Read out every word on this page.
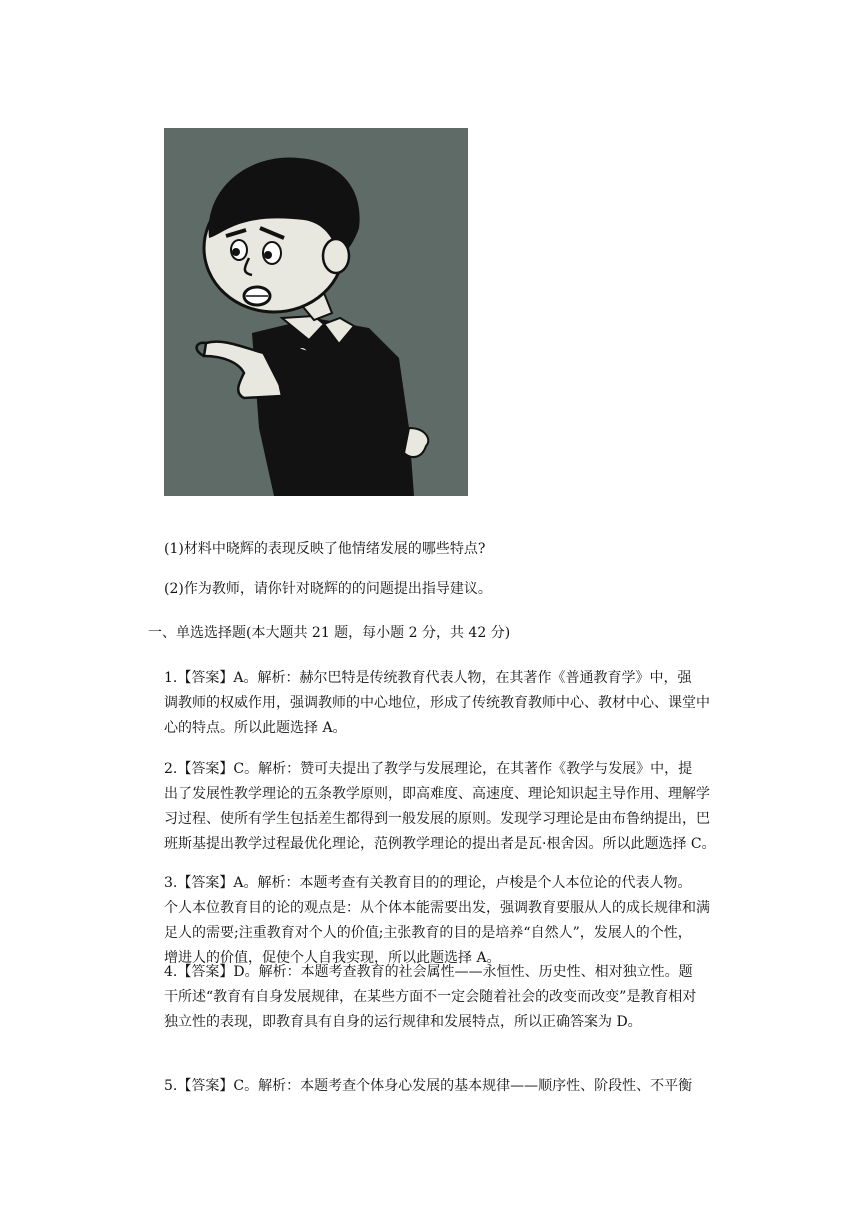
(1)材料中晓辉的表现反映了他情绪发展的哪些特点?

(2)作为教师，请你针对晓辉的的问题提出指导建议。

一、单选选择题(本大题共 21 题，每小题 2 分，共 42 分)

1.【答案】A。解析：赫尔巴特是传统教育代表人物，在其著作《普通教育学》中，强
调教师的权威作用，强调教师的中心地位，形成了传统教育教师中心、教材中心、课堂中
心的特点。所以此题选择 A。
2.【答案】C。解析：赞可夫提出了教学与发展理论，在其著作《教学与发展》中，提
出了发展性教学理论的五条教学原则，即高难度、高速度、理论知识起主导作用、理解学
习过程、使所有学生包括差生都得到一般发展的原则。发现学习理论是由布鲁纳提出，巴
班斯基提出教学过程最优化理论，范例教学理论的提出者是瓦·根舍因。所以此题选择 C。
3.【答案】A。解析：本题考查有关教育目的的理论，卢梭是个人本位论的代表人物。
个人本位教育目的论的观点是：从个体本能需要出发，强调教育要服从人的成长规律和满
足人的需要;注重教育对个人的价值;主张教育的目的是培养“自然人”，发展人的个性，
增进人的价值，促使个人自我实现，所以此题选择 A。
4.【答案】D。解析：本题考查教育的社会属性——永恒性、历史性、相对独立性。题
干所述“教育有自身发展规律，在某些方面不一定会随着社会的改变而改变”是教育相对
独立性的表现，即教育具有自身的运行规律和发展特点，所以正确答案为 D。
5.【答案】C。解析：本题考查个体身心发展的基本规律——顺序性、阶段性、不平衡
